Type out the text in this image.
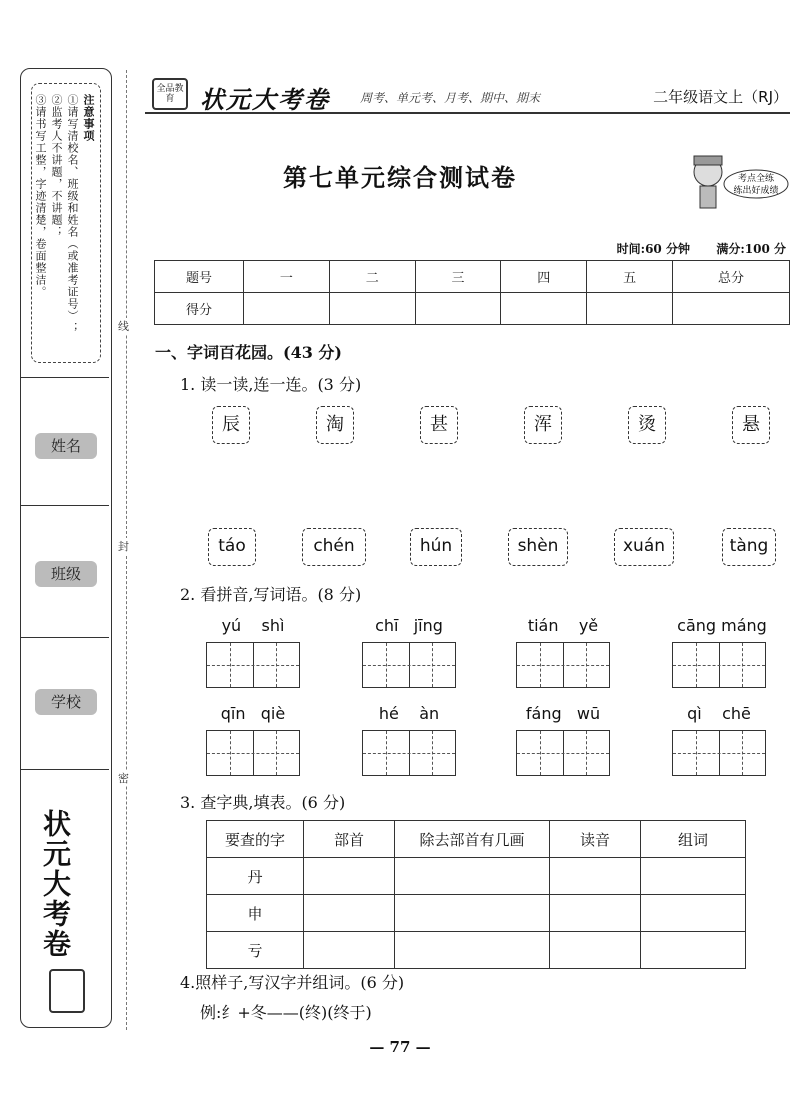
注意事项
①请写清校名、班级和姓名（或准考证号）；
②监考人不讲题，不讲题；
③请书写工整，字迹清楚，卷面整洁。
姓名
班级
学校
状元大考卷
线
封
密
全品教育	状元大考卷	周考、单元考、月考、期中、期末	二年级语文上（RJ）
第七单元综合测试卷	考点全练
练出好成绩
时间:60 分钟 满分:100 分
题号	一	二	三	四	五	总分
得分						
一、字词百花园。(43 分)
1. 读一读,连一连。(3 分)
辰	淘	甚	浑	烫	悬
táo	chén	hún	shèn	xuán	tàng
2. 看拼音,写词语。(8 分)
yú    shì	chī   jīng	tián    yě	cāng máng
qīn   qiè	hé    àn	fáng   wū	qì    chē
3. 查字典,填表。(6 分)
要查的字	部首	除去部首有几画	读音	组词
丹				
申				
亏				
4.照样子,写汉字并组词。(6 分)
例:纟+冬——(终)(终于)
— 77 —
